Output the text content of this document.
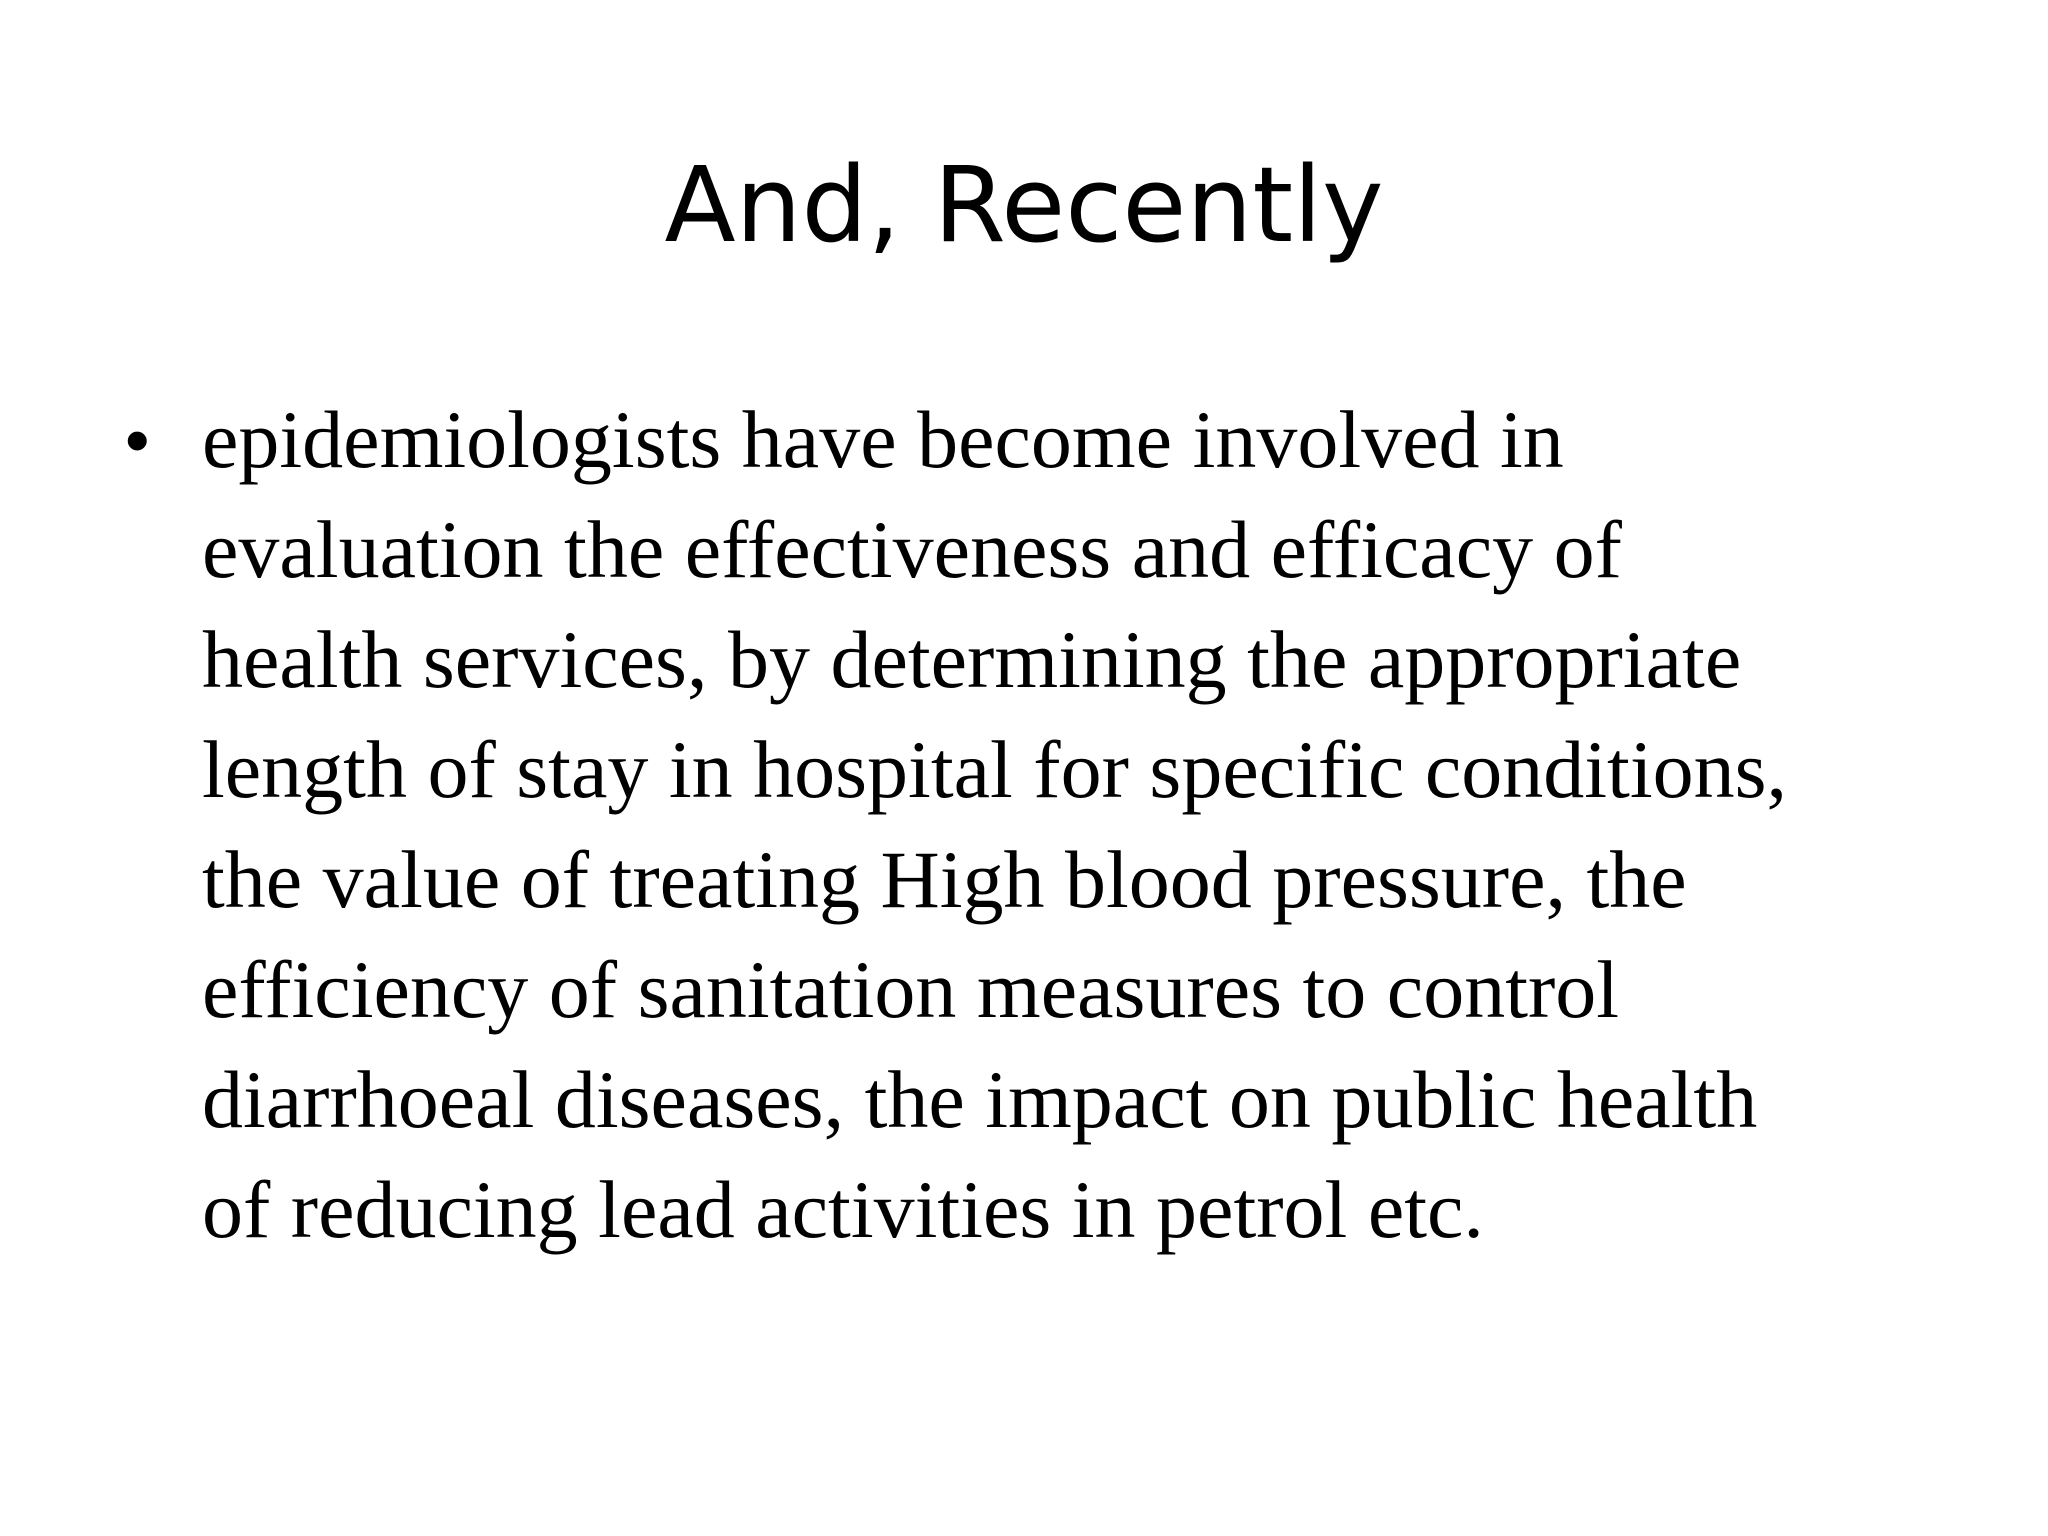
And, Recently
• epidemiologists have become involved in
evaluation the effectiveness and efficacy of
health services, by determining the appropriate
length of stay in hospital for specific conditions,
the value of treating High blood pressure, the
efficiency of sanitation measures to control
diarrhoeal diseases, the impact on public health
of reducing lead activities in petrol etc.
